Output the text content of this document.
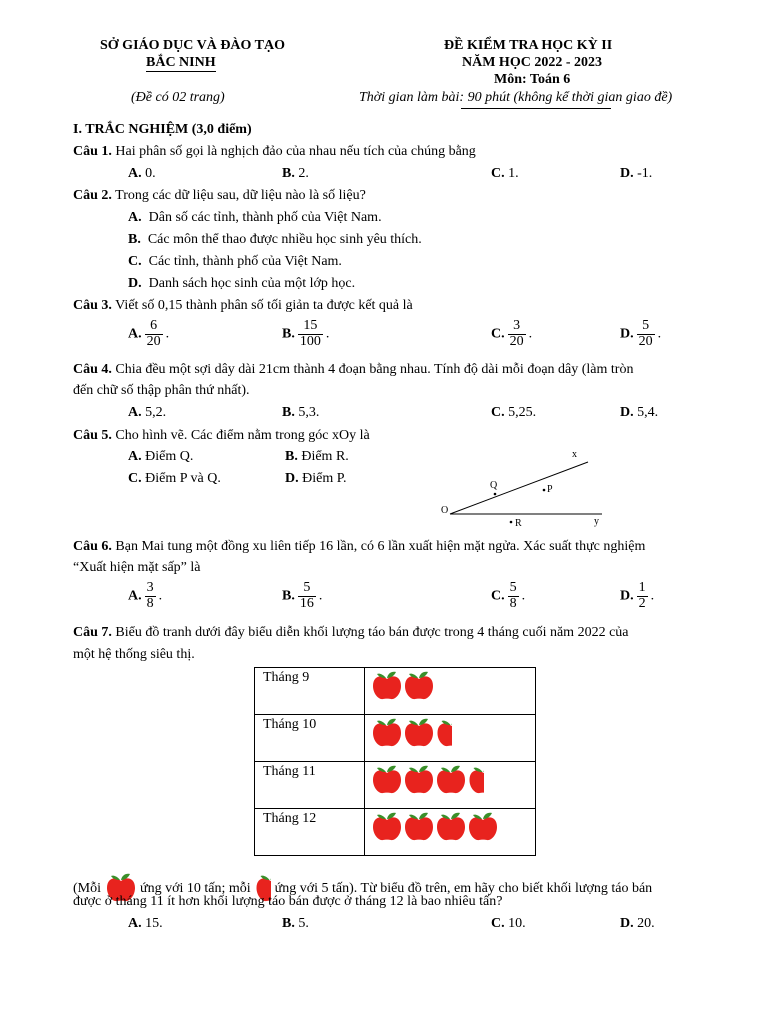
SỞ GIÁO DỤC VÀ ĐÀO TẠO
BẮC NINH
(Đề có 02 trang)
ĐỀ KIỂM TRA HỌC KỲ II
NĂM HỌC 2022 - 2023
Môn: Toán 6
Thời gian làm bài: 90 phút (không kể thời gian giao đề)
I. TRẮC NGHIỆM (3,0 điểm)
Câu 1. Hai phân số gọi là nghịch đảo của nhau nếu tích của chúng bằng
A. 0.	B. 2.	C. 1.	D. -1.
Câu 2. Trong các dữ liệu sau, dữ liệu nào là số liệu?
A. Dân số các tỉnh, thành phố của Việt Nam.
B. Các môn thể thao được nhiều học sinh yêu thích.
C. Các tỉnh, thành phố của Việt Nam.
D. Danh sách học sinh của một lớp học.
Câu 3. Viết số 0,15 thành phân số tối giản ta được kết quả là
A. $\frac{6}{20}$ .	B. $\frac{15}{100}$ .	C. $\frac{3}{20}$ .	D. $\frac{5}{20}$ .
Câu 4. Chia đều một sợi dây dài 21cm thành 4 đoạn bằng nhau. Tính độ dài mỗi đoạn dây (làm tròn
đến chữ số thập phân thứ nhất).
A. 5,2.	B. 5,3.	C. 5,25.	D. 5,4.
Câu 5. Cho hình vẽ. Các điểm nằm trong góc xOy là
A. Điểm Q.	B. Điểm R.
C. Điểm P và Q.	D. Điểm P.
x
y
O
Q	P
R
Câu 6. Bạn Mai tung một đồng xu liên tiếp 16 lần, có 6 lần xuất hiện mặt ngửa. Xác suất thực nghiệm
“Xuất hiện mặt sấp” là
A. $\frac{3}{8}$ .	B. $\frac{5}{16}$ .	C. $\frac{5}{8}$ .	D. $\frac{1}{2}$ .
Câu 7. Biểu đồ tranh dưới đây biểu diễn khối lượng táo bán được trong 4 tháng cuối năm 2022 của
một hệ thống siêu thị.
Tháng 9	
Tháng 10	
Tháng 11	
Tháng 12	
(Mỗi	ứng với 10 tấn; mỗi ứng với 5 tấn). Từ biểu đồ trên, em hãy cho biết khối lượng táo bán
được ở tháng 11 ít hơn khối lượng táo bán được ở tháng 12 là bao nhiêu tấn?
A. 15.	B. 5.	C. 10.	D. 20.
